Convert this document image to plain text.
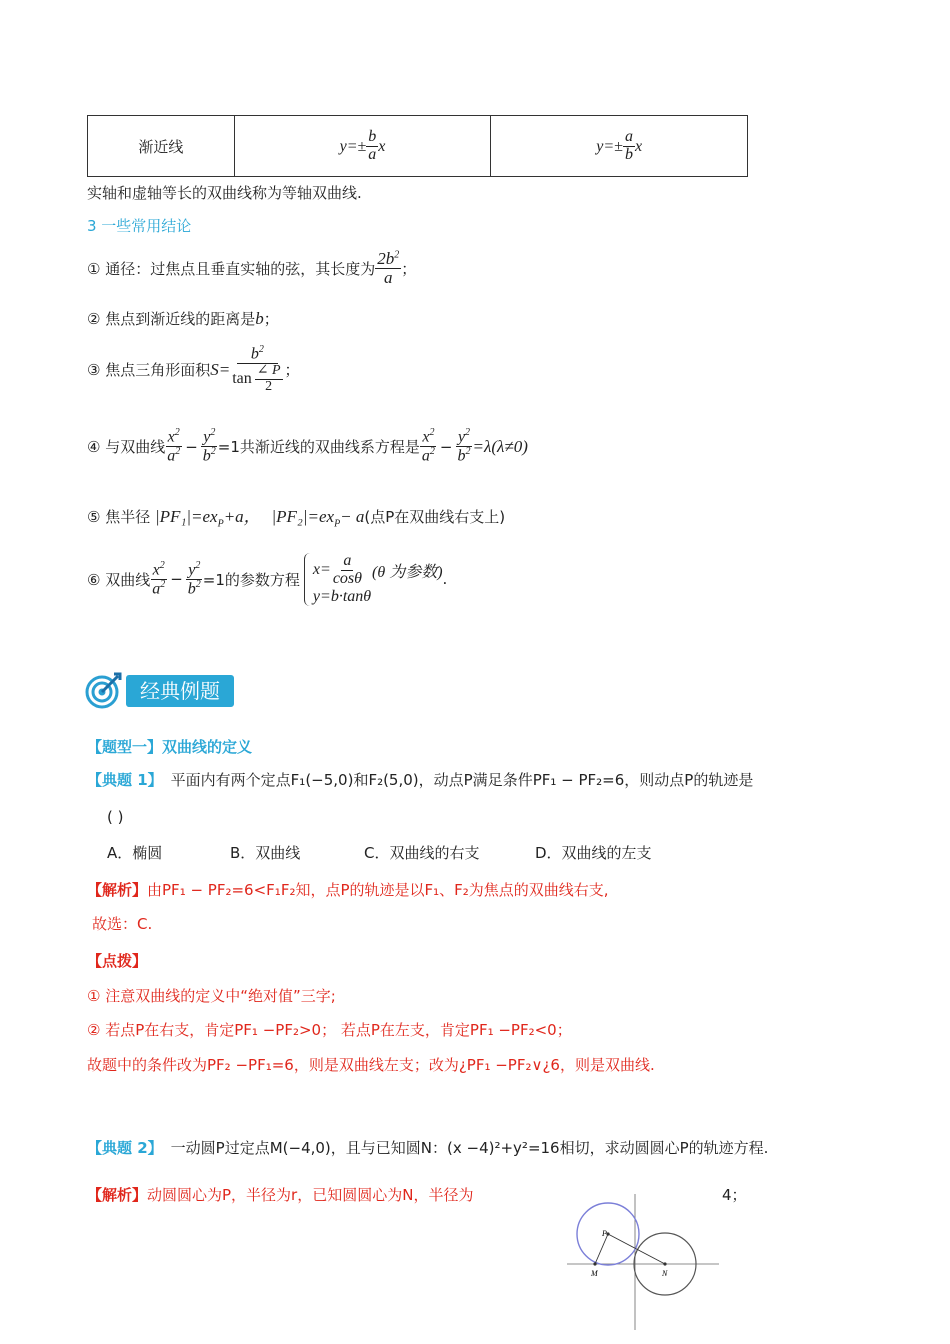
渐近线	$y=\pm \frac{b}{a}$ x	$y=\pm \frac{a}{b}$ x
实轴和虚轴等长的双曲线称为等轴双曲线.
3 一些常用结论
① 通径：过焦点且垂直实轴的弦，其长度为
$2b^2$
a ；
② 焦点到渐近线的距离是b；
③ 焦点三角形面积 $S= b^2$
tan ∠ P
2 ；
④ 与双曲线
$x^2$
$a^2 - \frac{y^2}{b^2} =1$共渐近线的双曲线系方程是
$x^2$
$a^2 - \frac{y^2}{b^2} =\lambda(\lambda\ne 0)$
⑤ 焦半径 $|PF_1|=ex_P+a$， $|PF_2|=ex_P- a$(点P在双曲线右支上)
⑥ 双曲线
$x^2$
$a^2 - \frac{y^2}{b^2} =1$的参数方程
$x= \frac{a}{\cos\theta} (\theta$ 为参数)
y=b·tanθ
.
经典例题
【题型一】双曲线的定义
【典题 1】 平面内有两个定点F₁(−5,0)和F₂(5,0)，动点P满足条件PF₁ − PF₂=6，则动点P的轨迹是
( )
A．椭圆	B．双曲线	C．双曲线的右支	D．双曲线的左支
【解析】由PF₁ − PF₂=6<F₁F₂知，点P的轨迹是以F₁、F₂为焦点的双曲线右支,
故选：C.
【点拨】
① 注意双曲线的定义中“绝对值”三字;
② 若点P在右支，肯定PF₁ −PF₂>0； 若点P在左支，肯定PF₁ −PF₂<0；
故题中的条件改为PF₂ −PF₁=6，则是双曲线左支；改为¿PF₁ −PF₂∨¿6，则是双曲线.
【典题 2】 一动圆P过定点M(−4,0)，且与已知圆N：(x −4)²+y²=16相切，求动圆圆心P的轨迹方程.
【解析】动圆圆心为P，半径为r，已知圆圆心为N，半径为	4；
P
M	N
